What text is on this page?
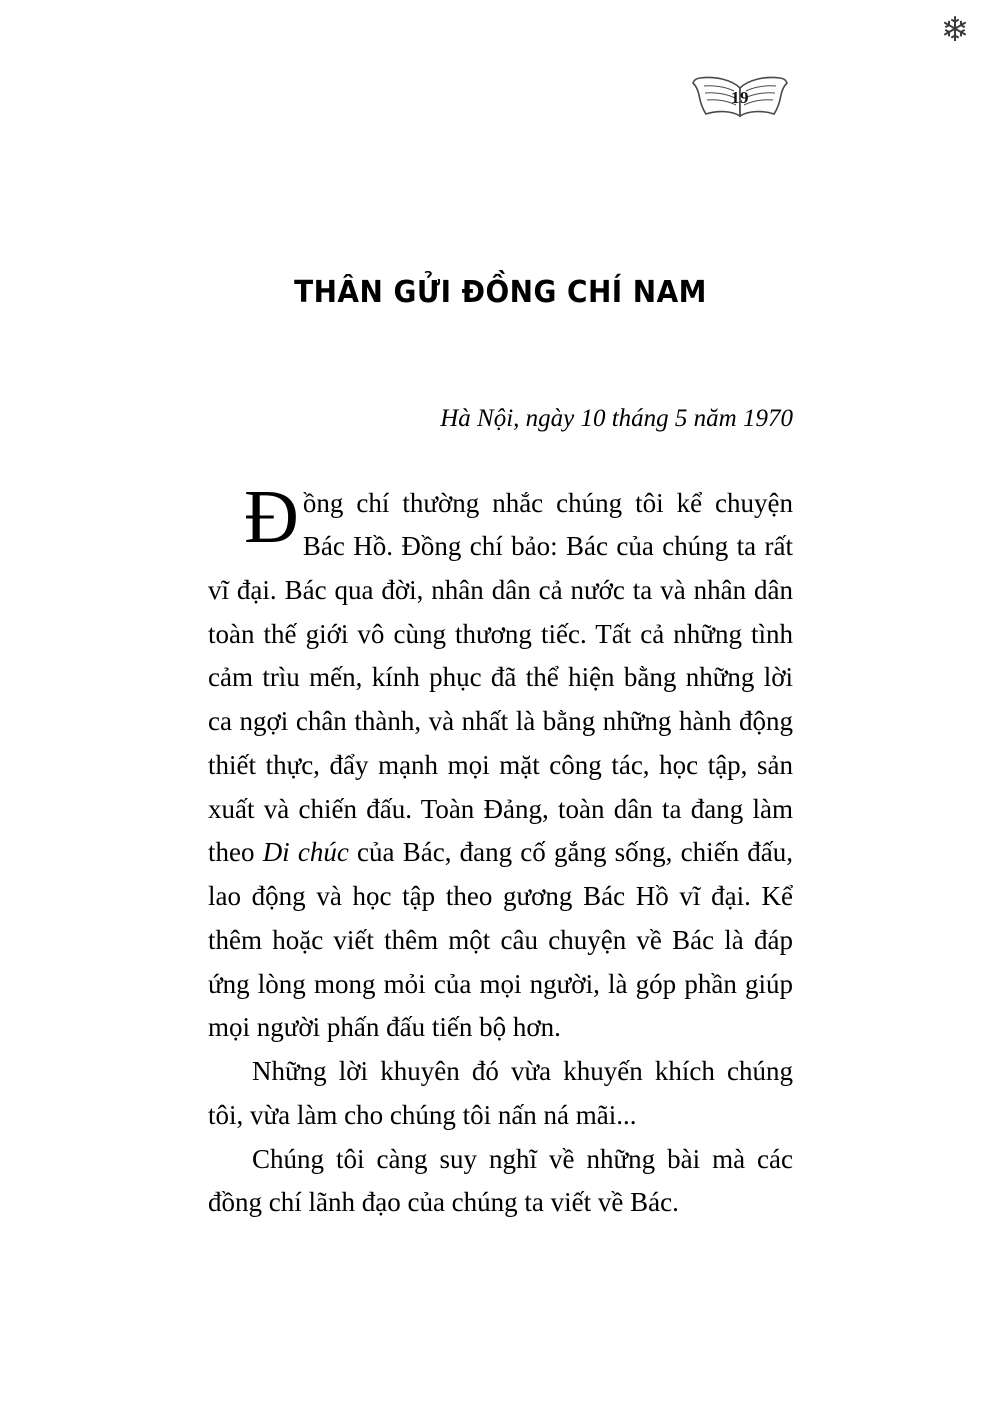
❄
19
THÂN GỬI ĐỒNG CHÍ NAM
Hà Nội, ngày 10 tháng 5 năm 1970

Đồng chí thường nhắc chúng tôi kể chuyện Bác Hồ. Đồng chí bảo: Bác của chúng ta rất vĩ đại. Bác qua đời, nhân dân cả nước ta và nhân dân toàn thế giới vô cùng thương tiếc. Tất cả những tình cảm trìu mến, kính phục đã thể hiện bằng những lời ca ngợi chân thành, và nhất là bằng những hành động thiết thực, đẩy mạnh mọi mặt công tác, học tập, sản xuất và chiến đấu. Toàn Đảng, toàn dân ta đang làm theo Di chúc của Bác, đang cố gắng sống, chiến đấu, lao động và học tập theo gương Bác Hồ vĩ đại. Kể thêm hoặc viết thêm một câu chuyện về Bác là đáp ứng lòng mong mỏi của mọi người, là góp phần giúp mọi người phấn đấu tiến bộ hơn.

Những lời khuyên đó vừa khuyến khích chúng tôi, vừa làm cho chúng tôi nấn ná mãi...

Chúng tôi càng suy nghĩ về những bài mà các đồng chí lãnh đạo của chúng ta viết về Bác.
